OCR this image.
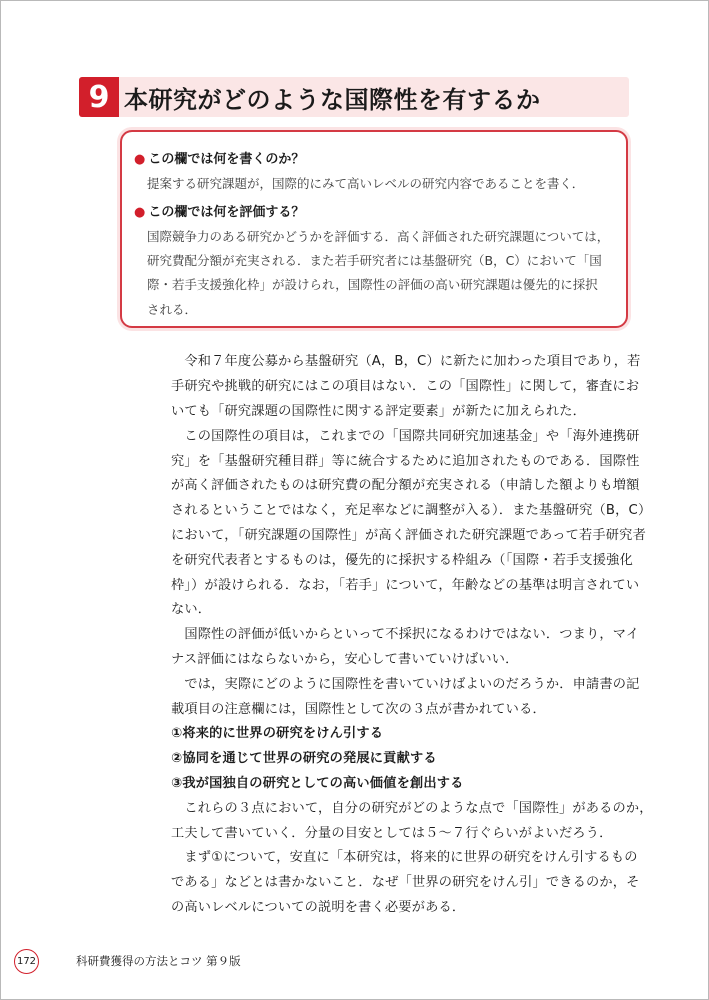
9 本研究がどのような国際性を有するか
● この欄では何を書くのか？
提案する研究課題が，国際的にみて高いレベルの研究内容であることを書く．
● この欄では何を評価する？
国際競争力のある研究かどうかを評価する．高く評価された研究課題については，
研究費配分額が充実される．また若手研究者には基盤研究（B，C）において「国
際・若手支援強化枠」が設けられ，国際性の評価の高い研究課題は優先的に採択
される．
　令和７年度公募から基盤研究（A，B，C）に新たに加わった項目であり，若
手研究や挑戦的研究にはこの項目はない．この「国際性」に関して，審査にお
いても「研究課題の国際性に関する評定要素」が新たに加えられた．
　この国際性の項目は，これまでの「国際共同研究加速基金」や「海外連携研
究」を「基盤研究種目群」等に統合するために追加されたものである．国際性
が高く評価されたものは研究費の配分額が充実される（申請した額よりも増額
されるということではなく，充足率などに調整が入る）．また基盤研究（B，C）
において，「研究課題の国際性」が高く評価された研究課題であって若手研究者
を研究代表者とするものは，優先的に採択する枠組み（「国際・若手支援強化
枠」）が設けられる．なお，「若手」について，年齢などの基準は明言されてい
ない．
　国際性の評価が低いからといって不採択になるわけではない．つまり，マイ
ナス評価にはならないから，安心して書いていけばいい．
　では，実際にどのように国際性を書いていけばよいのだろうか．申請書の記
載項目の注意欄には，国際性として次の３点が書かれている．
①将来的に世界の研究をけん引する
②協同を通じて世界の研究の発展に貢献する
③我が国独自の研究としての高い価値を創出する
　これらの３点において，自分の研究がどのような点で「国際性」があるのか，
工夫して書いていく．分量の目安としては５〜７行ぐらいがよいだろう．
　まず①について，安直に「本研究は，将来的に世界の研究をけん引するもの
である」などとは書かないこと．なぜ「世界の研究をけん引」できるのか，そ
の高いレベルについての説明を書く必要がある．
172	科研費獲得の方法とコツ 第９版
